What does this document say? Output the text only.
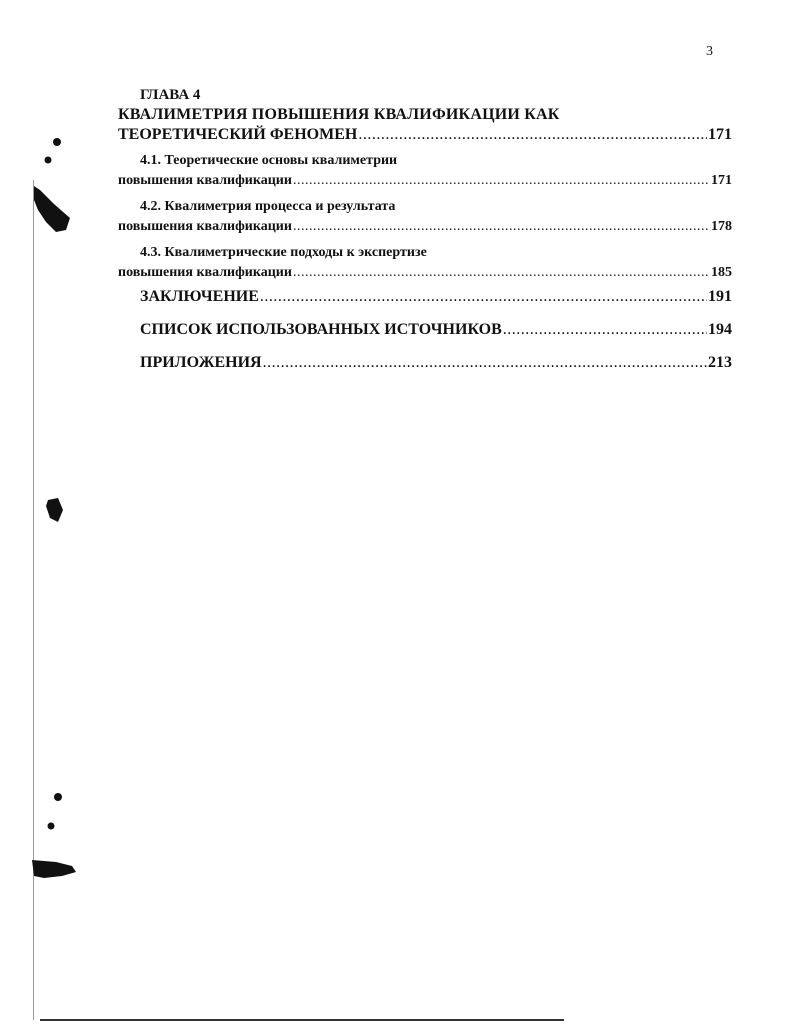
3
ГЛАВА 4
КВАЛИМЕТРИЯ ПОВЫШЕНИЯ КВАЛИФИКАЦИИ КАК
ТЕОРЕТИЧЕСКИЙ ФЕНОМЕН .....	171
4.1. Теоретические основы квалиметрии
повышения квалификации .....	171
4.2. Квалиметрия процесса и результата
повышения квалификации .....	178
4.3. Квалиметрические подходы к экспертизе
повышения квалификации .....	185
ЗАКЛЮЧЕНИЕ .....	191
СПИСОК ИСПОЛЬЗОВАННЫХ ИСТОЧНИКОВ .....	194
ПРИЛОЖЕНИЯ .....	213
